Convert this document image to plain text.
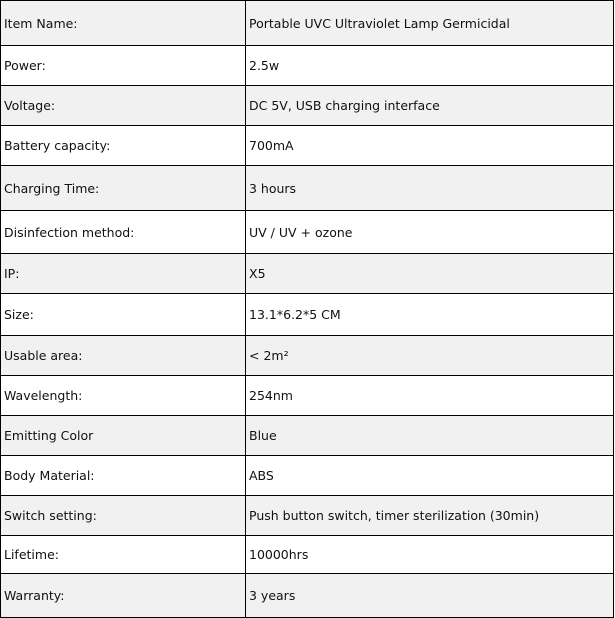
Item Name:	Portable UVC Ultraviolet Lamp Germicidal
Power:	2.5w
Voltage:	DC 5V, USB charging interface
Battery capacity:	700mA
Charging Time:	3 hours
Disinfection method:	UV / UV + ozone
IP:	X5
Size:	13.1*6.2*5 CM
Usable area:	< 2m²
Wavelength:	254nm
Emitting Color	Blue
Body Material:	ABS
Switch setting:	Push button switch, timer sterilization (30min)
Lifetime:	10000hrs
Warranty:	3 years
